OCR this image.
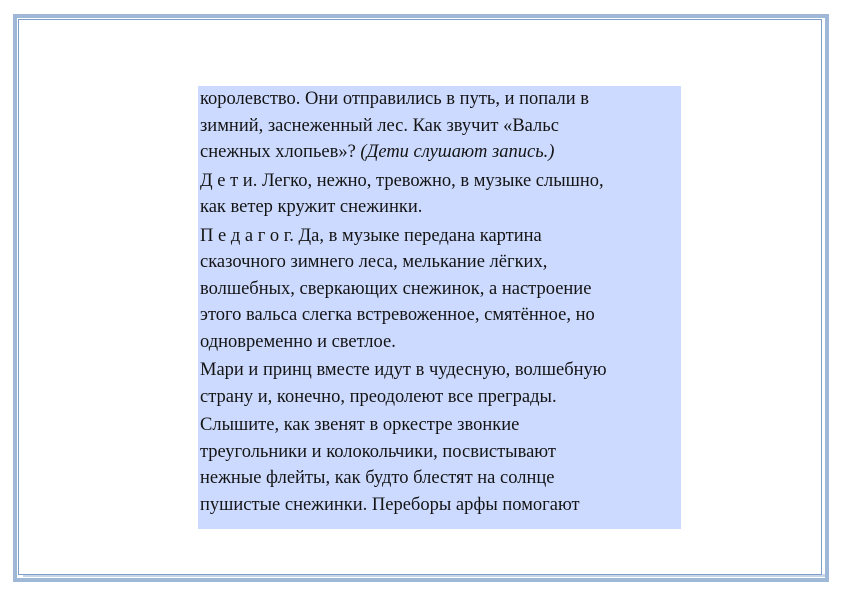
королевство. Они отправились в путь, и попали в
зимний, заснеженный лес. Как звучит «Вальс
снежных хлопьев»? (Дети слушают запись.)
Д е т и. Легко, нежно, тревожно, в музыке слышно,
как ветер кружит снежинки.
П е д а г о г. Да, в музыке передана картина
сказочного зимнего леса, мелькание лёгких,
волшебных, сверкающих снежинок, а настроение
этого вальса слегка встревоженное, смятённое, но
одновременно и светлое.
Мари и принц вместе идут в чудесную, волшебную
страну и, конечно, преодолеют все преграды.
Слышите, как звенят в оркестре звонкие
треугольники и колокольчики, посвистывают
нежные флейты, как будто блестят на солнце
пушистые снежинки. Переборы арфы помогают
